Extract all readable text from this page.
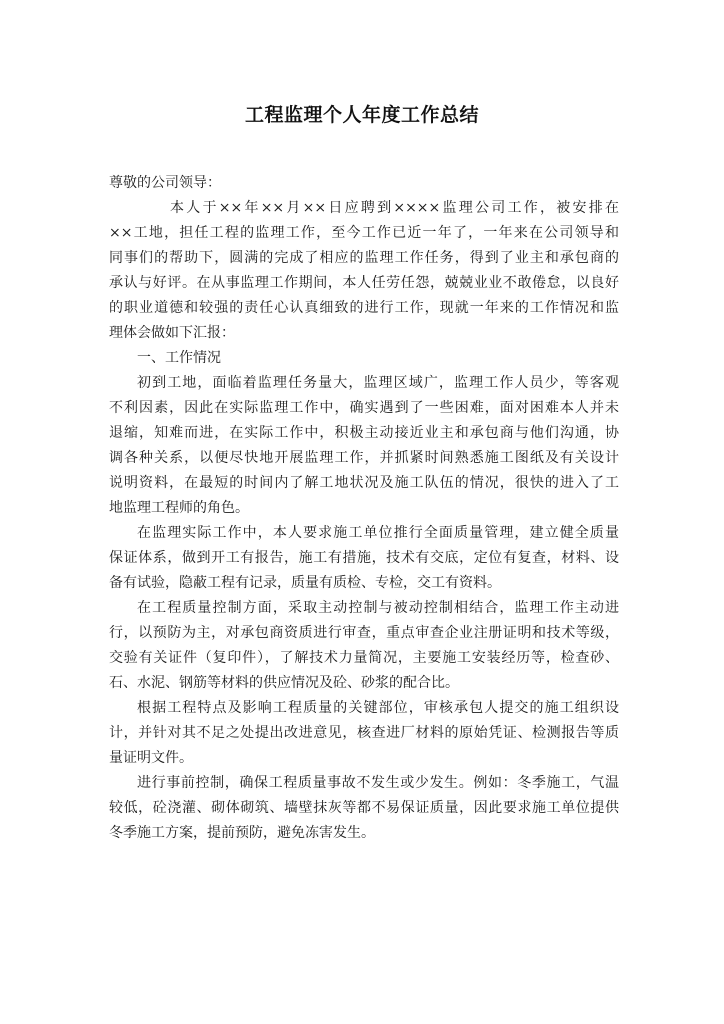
工程监理个人年度工作总结
尊敬的公司领导：
本人于××年××月××日应聘到××××监理公司工作，被安排在
××工地，担任工程的监理工作，至今工作已近一年了，一年来在公司领导和
同事们的帮助下，圆满的完成了相应的监理工作任务，得到了业主和承包商的
承认与好评。在从事监理工作期间，本人任劳任怨，兢兢业业不敢倦怠，以良好
的职业道德和较强的责任心认真细致的进行工作，现就一年来的工作情况和监
理体会做如下汇报：
一、工作情况
初到工地，面临着监理任务量大，监理区域广，监理工作人员少，等客观
不利因素，因此在实际监理工作中，确实遇到了一些困难，面对困难本人并未
退缩，知难而进，在实际工作中，积极主动接近业主和承包商与他们沟通，协
调各种关系，以便尽快地开展监理工作，并抓紧时间熟悉施工图纸及有关设计
说明资料，在最短的时间内了解工地状况及施工队伍的情况，很快的进入了工
地监理工程师的角色。
在监理实际工作中，本人要求施工单位推行全面质量管理，建立健全质量
保证体系，做到开工有报告，施工有措施，技术有交底，定位有复查，材料、设
备有试验，隐蔽工程有记录，质量有质检、专检，交工有资料。
在工程质量控制方面，采取主动控制与被动控制相结合，监理工作主动进
行，以预防为主，对承包商资质进行审查，重点审查企业注册证明和技术等级，
交验有关证件（复印件），了解技术力量简况，主要施工安装经历等，检查砂、
石、水泥、钢筋等材料的供应情况及砼、砂浆的配合比。
根据工程特点及影响工程质量的关键部位，审核承包人提交的施工组织设
计，并针对其不足之处提出改进意见，核查进厂材料的原始凭证、检测报告等质
量证明文件。
进行事前控制，确保工程质量事故不发生或少发生。例如：冬季施工，气温
较低，砼浇灌、砌体砌筑、墙壁抹灰等都不易保证质量，因此要求施工单位提供
冬季施工方案，提前预防，避免冻害发生。
